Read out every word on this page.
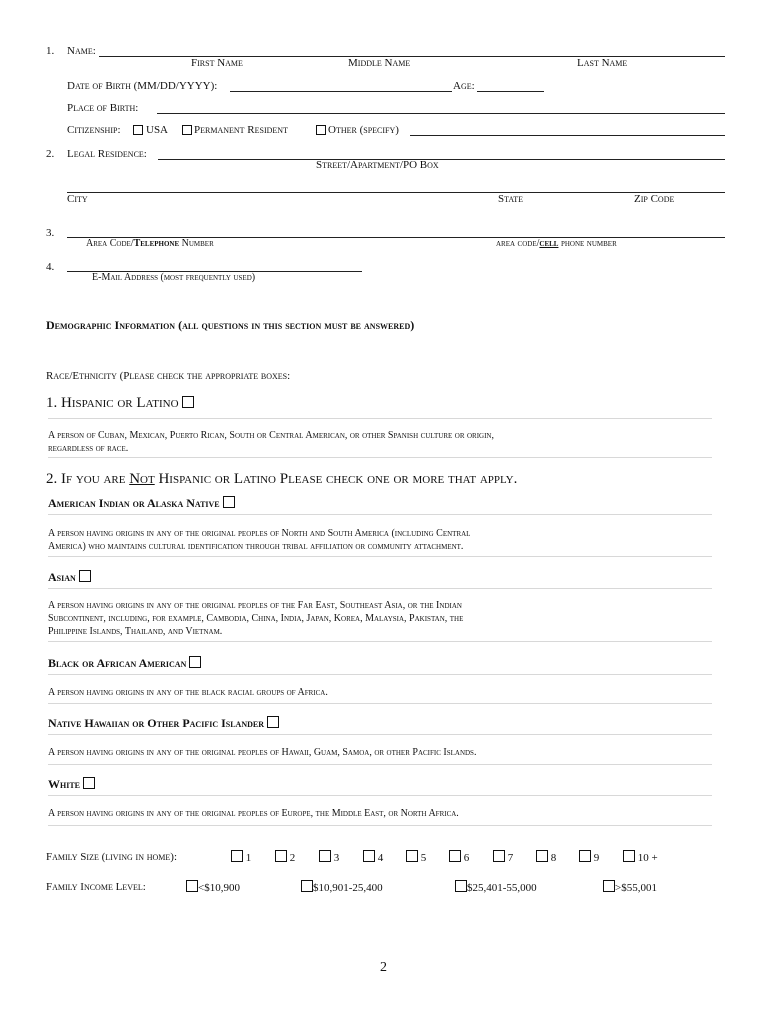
1. Name:
First Name	Middle Name	Last Name
Date of Birth (MM/DD/YYYY):	Age:
Place of Birth:
Citizenship: USA Permanent Resident	Other (specify)
2. Legal Residence:
Street/Apartment/PO Box
City	State	Zip Code
3.
Area Code/Telephone Number	area code/cell phone number
4.
E-Mail Address (most frequently used)
Demographic Information (all questions in this section must be answered)
Race/Ethnicity (Please check the appropriate boxes:
1. Hispanic or Latino
A person of Cuban, Mexican, Puerto Rican, South or Central American, or other Spanish culture or origin,
regardless of race.
2. If you are Not Hispanic or Latino Please check one or more that apply.
American Indian or Alaska Native
A person having origins in any of the original peoples of North and South America (including Central
America) who maintains cultural identification through tribal affiliation or community attachment.
Asian
A person having origins in any of the original peoples of the Far East, Southeast Asia, or the Indian
Subcontinent, including, for example, Cambodia, China, India, Japan, Korea, Malaysia, Pakistan, the
Philippine Islands, Thailand, and Vietnam.
Black or African American
A person having origins in any of the black racial groups of Africa.
Native Hawaiian or Other Pacific Islander
A person having origins in any of the original peoples of Hawaii, Guam, Samoa, or other Pacific Islands.
White
A person having origins in any of the original peoples of Europe, the Middle East, or North Africa.
Family Size (living in home):	1	2	3	4	5	6	7	8	9	10 +
Family Income Level:	<$10,900	$10,901-25,400	$25,401-55,000	>$55,001
2
